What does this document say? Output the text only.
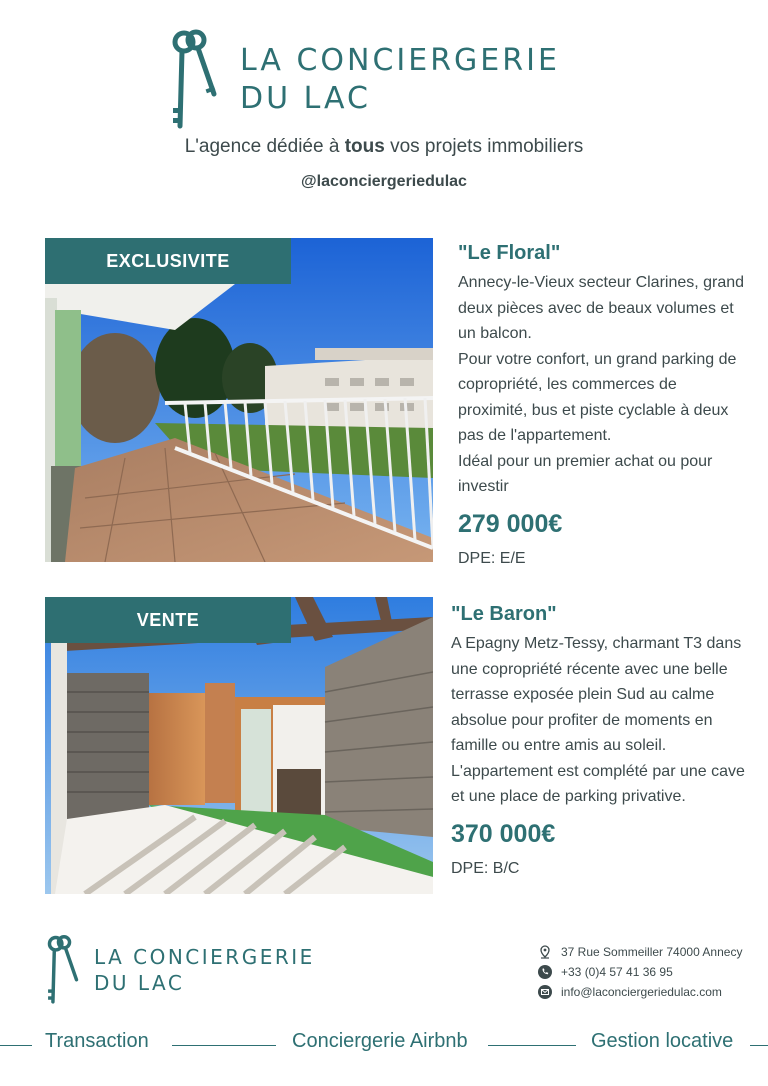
LA CONCIERGERIE
DU LAC
L'agence dédiée à tous vos projets immobiliers
@laconciergeriedulac
EXCLUSIVITE	"Le Floral"
Annecy-le-Vieux secteur Clarines, grand deux pièces avec de beaux volumes et un balcon.
Pour votre confort, un grand parking de copropriété, les commerces de proximité, bus et piste cyclable à deux pas de l'appartement.
Idéal pour un premier achat ou pour investir
279 000€
DPE: E/E
VENTE	"Le Baron"
A Epagny Metz-Tessy, charmant T3 dans une copropriété récente avec une belle terrasse exposée plein Sud au calme absolue pour profiter de moments en famille ou entre amis au soleil. L'appartement est complété par une cave et une place de parking privative.
370 000€
DPE: B/C
LA CONCIERGERIE
DU LAC
37 Rue Sommeiller 74000 Annecy
+33 (0)4 57 41 36 95
info@laconciergeriedulac.com
Transaction	Conciergerie Airbnb	Gestion locative
